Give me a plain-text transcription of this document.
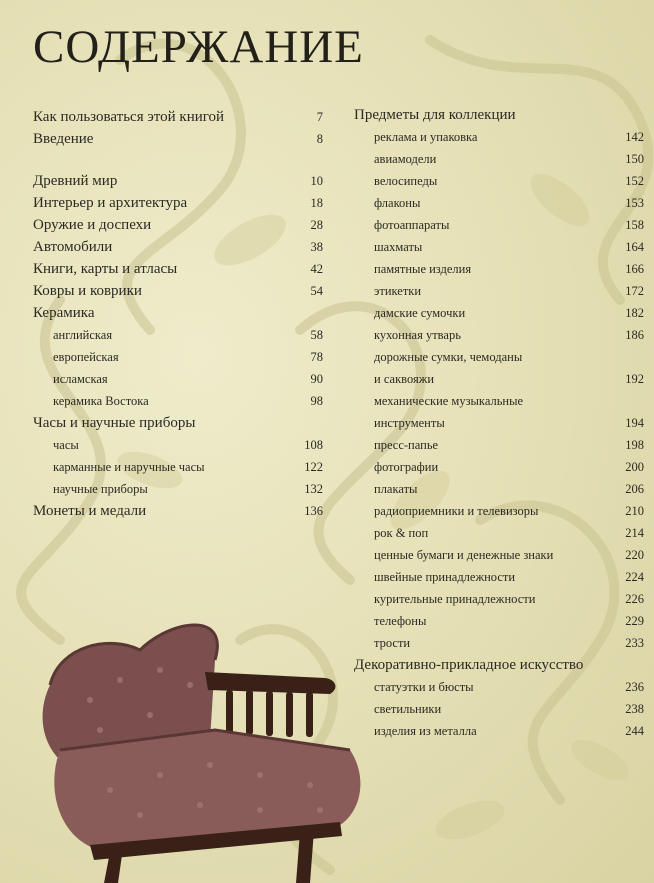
СОДЕРЖАНИЕ
Как пользоваться этой книгой	7
Введение	8
Древний мир	10
Интерьер и архитектура	18
Оружие и доспехи	28
Автомобили	38
Книги, карты и атласы	42
Ковры и коврики	54
Керамика
английская	58
европейская	78
исламская	90
керамика Востока	98
Часы и научные приборы
часы	108
карманные и наручные часы	122
научные приборы	132
Монеты и медали	136
Предметы для коллекции
реклама и упаковка	142
авиамодели	150
велосипеды	152
флаконы	153
фотоаппараты	158
шахматы	164
памятные изделия	166
этикетки	172
дамские сумочки	182
кухонная утварь	186
дорожные сумки, чемоданы
и саквояжи	192
механические музыкальные
инструменты	194
пресс-папье	198
фотографии	200
плакаты	206
радиоприемники и телевизоры	210
рок & поп	214
ценные бумаги и денежные знаки	220
швейные принадлежности	224
курительные принадлежности	226
телефоны	229
трости	233
Декоративно-прикладное искусство
статуэтки и бюсты	236
светильники	238
изделия из металла	244
